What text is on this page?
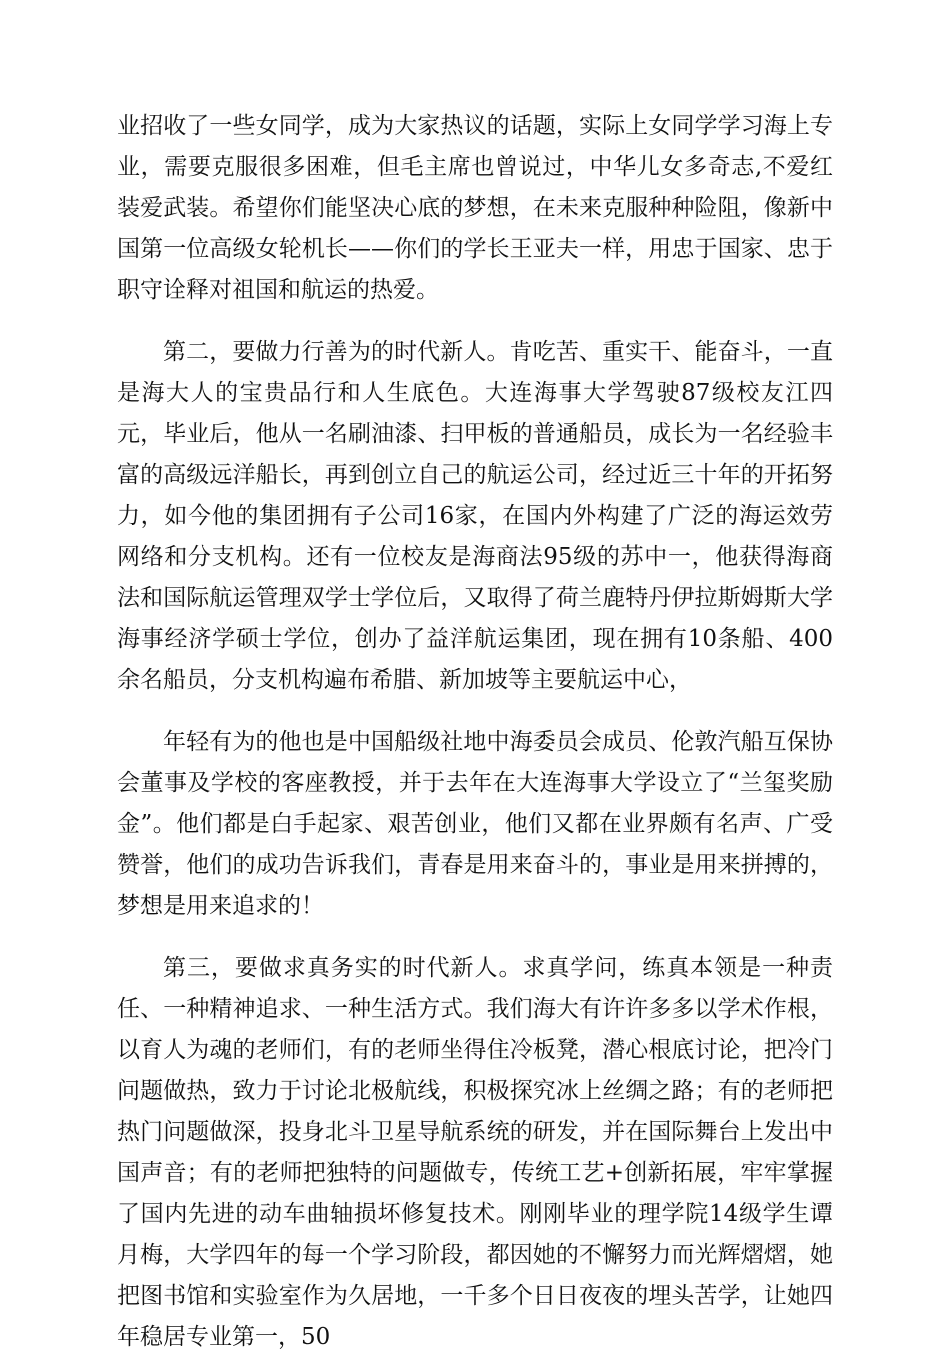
业招收了一些女同学，成为大家热议的话题，实际上女同学学习海上专业，需要克服很多困难，但毛主席也曾说过，中华儿女多奇志,不爱红装爱武装。希望你们能坚决心底的梦想，在未来克服种种险阻，像新中国第一位高级女轮机长——你们的学长王亚夫一样，用忠于国家、忠于职守诠释对祖国和航运的热爱。

第二，要做力行善为的时代新人。肯吃苦、重实干、能奋斗，一直是海大人的宝贵品行和人生底色。大连海事大学驾驶87级校友江四元，毕业后，他从一名刷油漆、扫甲板的普通船员，成长为一名经验丰富的高级远洋船长，再到创立自己的航运公司，经过近三十年的开拓努力，如今他的集团拥有子公司16家，在国内外构建了广泛的海运效劳网络和分支机构。还有一位校友是海商法95级的苏中一，他获得海商法和国际航运管理双学士学位后，又取得了荷兰鹿特丹伊拉斯姆斯大学海事经济学硕士学位，创办了益洋航运集团，现在拥有10条船、400余名船员，分支机构遍布希腊、新加坡等主要航运中心，

年轻有为的他也是中国船级社地中海委员会成员、伦敦汽船互保协会董事及学校的客座教授，并于去年在大连海事大学设立了“兰玺奖励金”。他们都是白手起家、艰苦创业，他们又都在业界颇有名声、广受赞誉，他们的成功告诉我们，青春是用来奋斗的，事业是用来拼搏的，梦想是用来追求的！

第三，要做求真务实的时代新人。求真学问，练真本领是一种责任、一种精神追求、一种生活方式。我们海大有许许多多以学术作根，以育人为魂的老师们，有的老师坐得住冷板凳，潜心根底讨论，把冷门问题做热，致力于讨论北极航线，积极探究冰上丝绸之路；有的老师把热门问题做深，投身北斗卫星导航系统的研发，并在国际舞台上发出中国声音；有的老师把独特的问题做专，传统工艺+创新拓展，牢牢掌握了国内先进的动车曲轴损坏修复技术。刚刚毕业的理学院14级学生谭月梅，大学四年的每一个学习阶段，都因她的不懈努力而光辉熠熠，她把图书馆和实验室作为久居地，一千多个日日夜夜的埋头苦学，让她四年稳居专业第一，50
